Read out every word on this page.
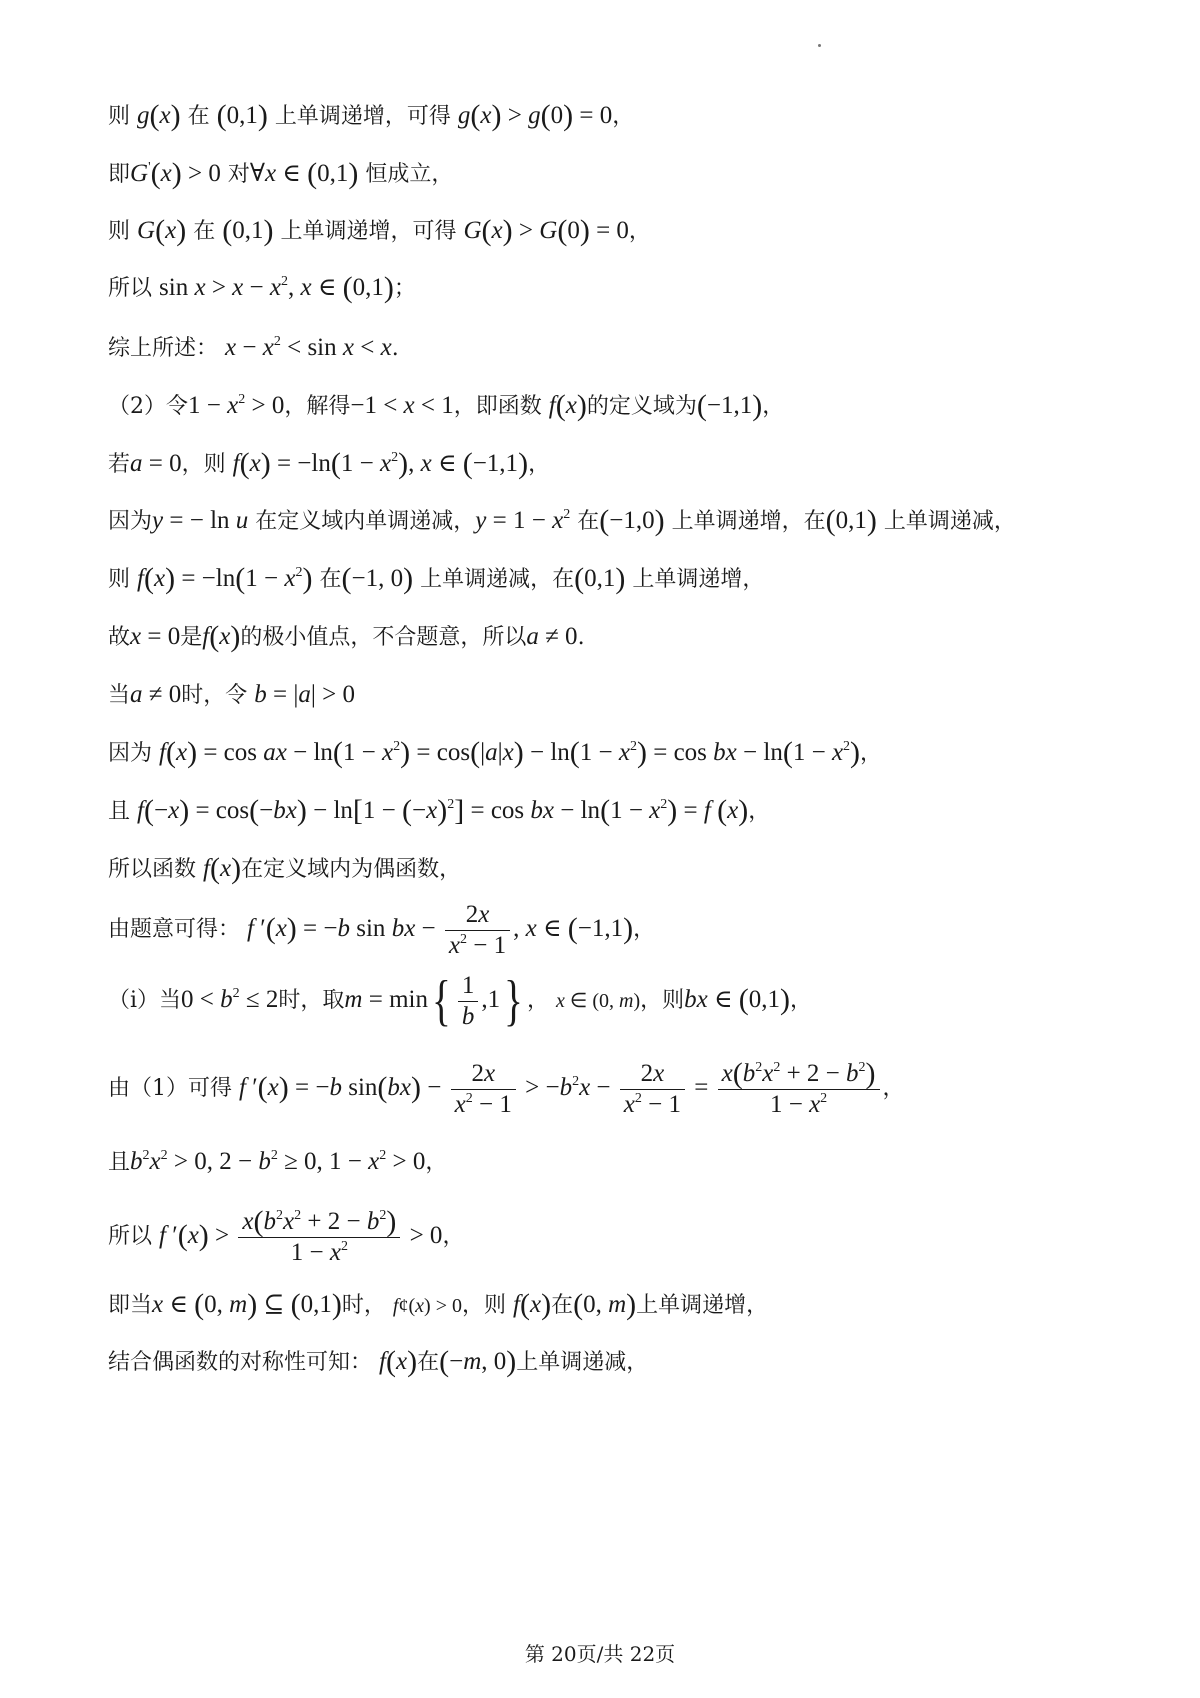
则 g(x) 在 (0,1) 上单调递增，可得 g(x) > g(0) = 0，
即G'(x) > 0 对∀x ∈ (0,1) 恒成立，
则 G(x) 在 (0,1) 上单调递增，可得 G(x) > G(0) = 0，
所以 $\sin x > x - x^2$, x ∈ (0,1)；
综上所述： $x - x^2 < \sin x < x$.
（2）令$1 - x^2 > 0$，解得−1 < x < 1，即函数 f(x)的定义域为(−1,1)，
若a = 0，则 $f(x) = -\ln(1 - x^2)$, x ∈ (−1,1)，
因为y = − ln u 在定义域内单调递减，$y = 1 - x^2$ 在(−1,0) 上单调递增，在(0,1) 上单调递减，
则 $f(x) = -\ln(1 - x^2)$ 在(−1, 0) 上单调递减，在(0,1) 上单调递增，
故x = 0是f(x)的极小值点，不合题意，所以a ≠ 0.
当a ≠ 0时，令 b = |a| > 0
因为 f(x) = cos ax − $\ln(1 - x^2) = \cos(|a|x) - \ln(1 - x^2) = \cos$ bx − $\ln(1 - x^2)$，
且 $f(-x) = \cos(-bx) - \ln[1 - (-x)^2] = \cos$ bx − $\ln(1 - x^2) = f$ (x)，
所以函数 f(x)在定义域内为偶函数，
由题意可得： f ′(x) = −b sin bx − $\frac{2x}{x^2 - 1}$ , x ∈ (−1,1)，
（i）当$0 < b^2 \le 2$时，取$m = \min\{ \frac{1}{b} ,1\}$ ， x ∈ (0, m)，则bx ∈ (0,1)，
由（1）可得 f ′(x) = −b $\sin(bx) - \frac{2x}{x^2 - 1} > -b^2x - \frac{2x}{x^2 - 1} = \frac{x(b^2x^2 + 2 - b^2)}{1 - x^2}$ ，
且$b^2x^2 > 0$, $2 - b^2 \ge 0$, $1 - x^2 > 0$，
所以 f $'(x) > \frac{x(b^2x^2 + 2 - b^2)}{1 - x^2} > 0$，
即当x ∈ (0, m) ⊆ (0,1)时， f¢(x) > 0，则 f(x)在(0, m)上单调递增，
结合偶函数的对称性可知： f(x)在(−m, 0)上单调递减，
第 20页/共 22页
